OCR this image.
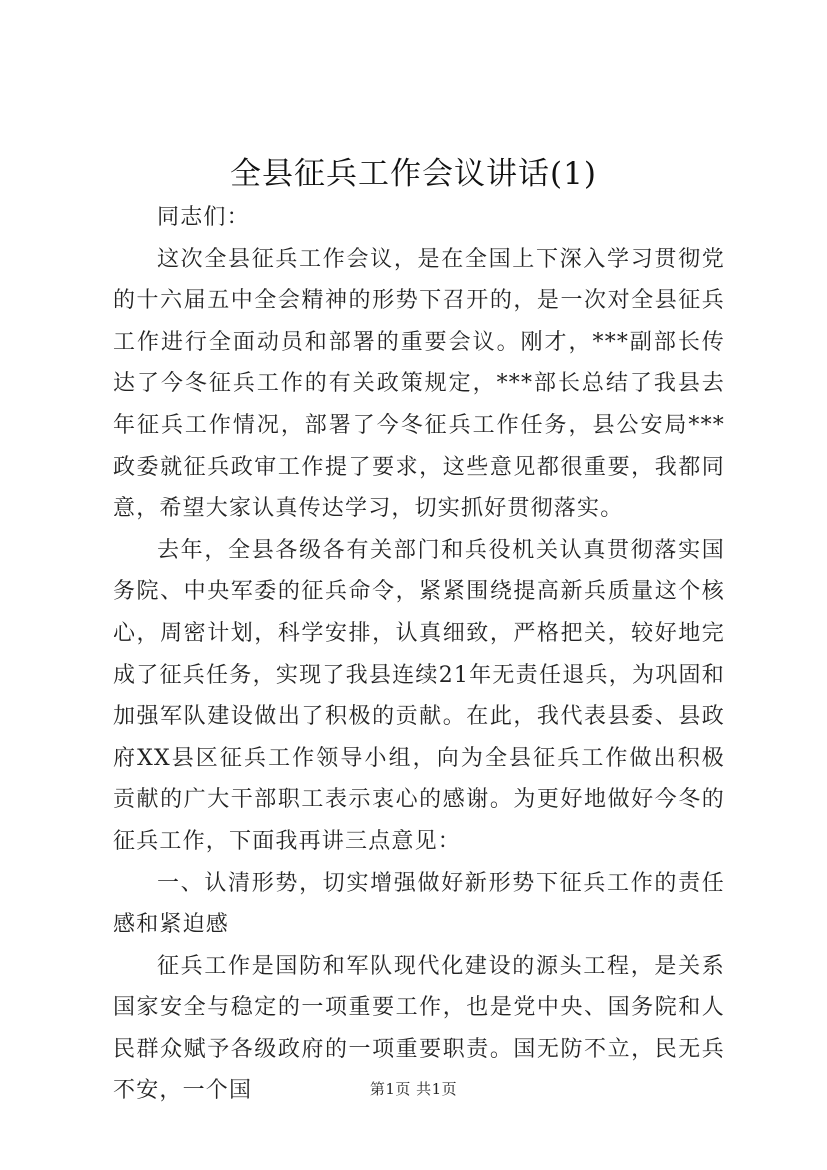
全县征兵工作会议讲话(1)

同志们：

这次全县征兵工作会议，是在全国上下深入学习贯彻党的十六届五中全会精神的形势下召开的，是一次对全县征兵工作进行全面动员和部署的重要会议。刚才，***副部长传达了今冬征兵工作的有关政策规定，***部长总结了我县去年征兵工作情况，部署了今冬征兵工作任务，县公安局***政委就征兵政审工作提了要求，这些意见都很重要，我都同意，希望大家认真传达学习，切实抓好贯彻落实。

去年，全县各级各有关部门和兵役机关认真贯彻落实国务院、中央军委的征兵命令，紧紧围绕提高新兵质量这个核心，周密计划，科学安排，认真细致，严格把关，较好地完成了征兵任务，实现了我县连续21年无责任退兵，为巩固和加强军队建设做出了积极的贡献。在此，我代表县委、县政府XX县区征兵工作领导小组，向为全县征兵工作做出积极贡献的广大干部职工表示衷心的感谢。为更好地做好今冬的征兵工作，下面我再讲三点意见：

一、认清形势，切实增强做好新形势下征兵工作的责任感和紧迫感

征兵工作是国防和军队现代化建设的源头工程，是关系国家安全与稳定的一项重要工作，也是党中央、国务院和人民群众赋予各级政府的一项重要职责。国无防不立，民无兵不安，一个国	第1页 共1页
